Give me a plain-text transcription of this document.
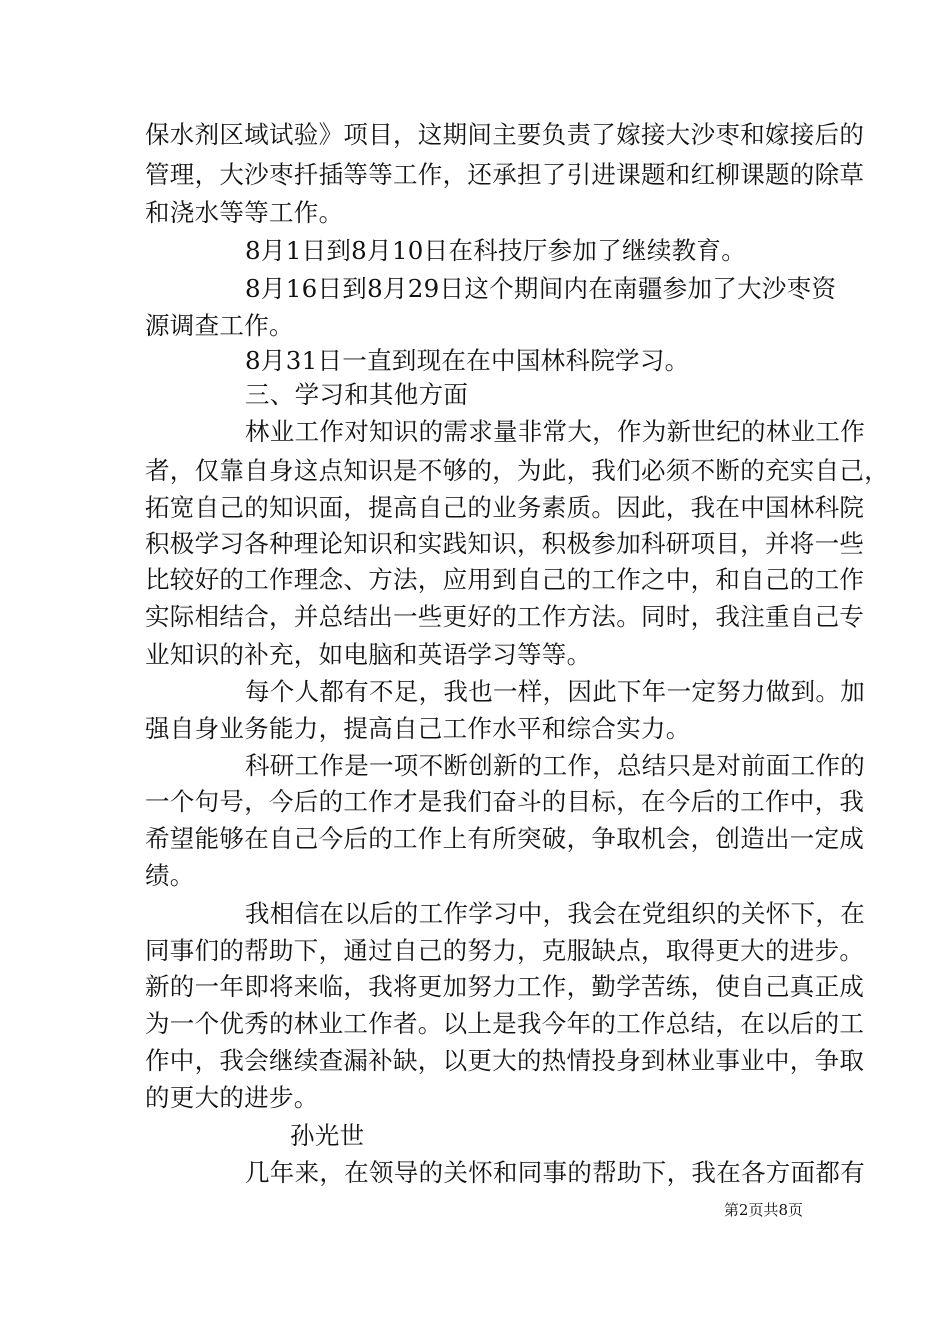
保水剂区域试验》项目，这期间主要负责了嫁接大沙枣和嫁接后的
管理，大沙枣扦插等等工作，还承担了引进课题和红柳课题的除草
和浇水等等工作。
8月1日到8月10日在科技厅参加了继续教育。
8月16日到8月29日这个期间内在南疆参加了大沙枣资
源调查工作。
8月31日一直到现在在中国林科院学习。
三、学习和其他方面
林业工作对知识的需求量非常大，作为新世纪的林业工作
者，仅靠自身这点知识是不够的，为此，我们必须不断的充实自己，
拓宽自己的知识面，提高自己的业务素质。因此，我在中国林科院
积极学习各种理论知识和实践知识，积极参加科研项目，并将一些
比较好的工作理念、方法，应用到自己的工作之中，和自己的工作
实际相结合，并总结出一些更好的工作方法。同时，我注重自己专
业知识的补充，如电脑和英语学习等等。
每个人都有不足，我也一样，因此下年一定努力做到。加
强自身业务能力，提高自己工作水平和综合实力。
科研工作是一项不断创新的工作，总结只是对前面工作的
一个句号，今后的工作才是我们奋斗的目标，在今后的工作中，我
希望能够在自己今后的工作上有所突破，争取机会，创造出一定成
绩。
我相信在以后的工作学习中，我会在党组织的关怀下，在
同事们的帮助下，通过自己的努力，克服缺点，取得更大的进步。
新的一年即将来临，我将更加努力工作，勤学苦练，使自己真正成
为一个优秀的林业工作者。以上是我今年的工作总结，在以后的工
作中，我会继续查漏补缺，以更大的热情投身到林业事业中，争取
的更大的进步。
孙光世
几年来，在领导的关怀和同事的帮助下，我在各方面都有
第2页共8页
